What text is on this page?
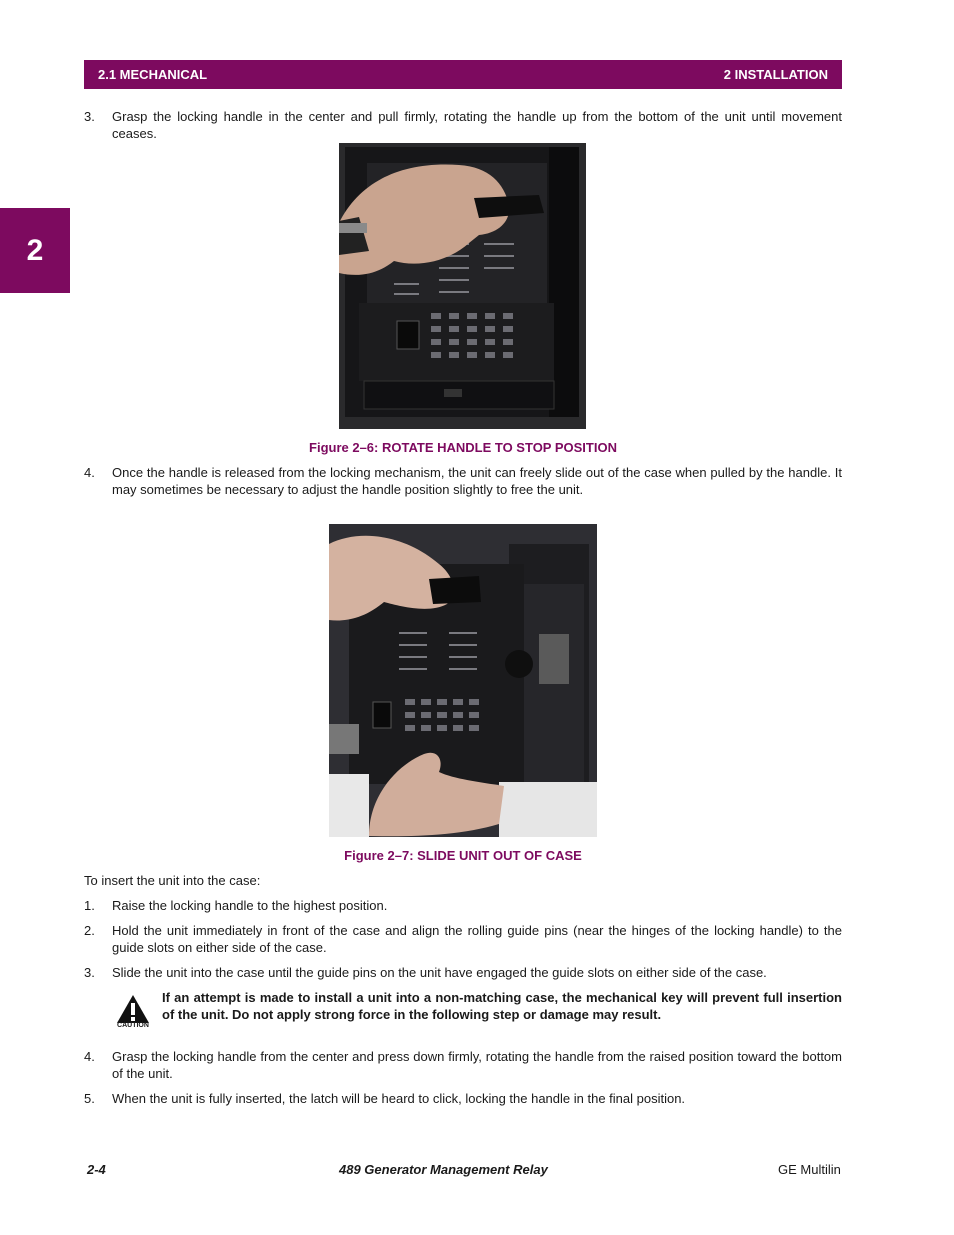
2.1 MECHANICAL	2 INSTALLATION
2
3.	Grasp the locking handle in the center and pull firmly, rotating the handle up from the bottom of the unit until movement ceases.
Figure 2–6: ROTATE HANDLE TO STOP POSITION
4.	Once the handle is released from the locking mechanism, the unit can freely slide out of the case when pulled by the handle. It may sometimes be necessary to adjust the handle position slightly to free the unit.
Figure 2–7: SLIDE UNIT OUT OF CASE
To insert the unit into the case:
1.	Raise the locking handle to the highest position.
2.	Hold the unit immediately in front of the case and align the rolling guide pins (near the hinges of the locking handle) to the guide slots on either side of the case.
3.	Slide the unit into the case until the guide pins on the unit have engaged the guide slots on either side of the case.
CAUTION
If an attempt is made to install a unit into a non-matching case, the mechanical key will prevent full insertion of the unit. Do not apply strong force in the following step or damage may result.
4.	Grasp the locking handle from the center and press down firmly, rotating the handle from the raised position toward the bottom of the unit.
5.	When the unit is fully inserted, the latch will be heard to click, locking the handle in the final position.
2-4	489 Generator Management Relay	GE Multilin
